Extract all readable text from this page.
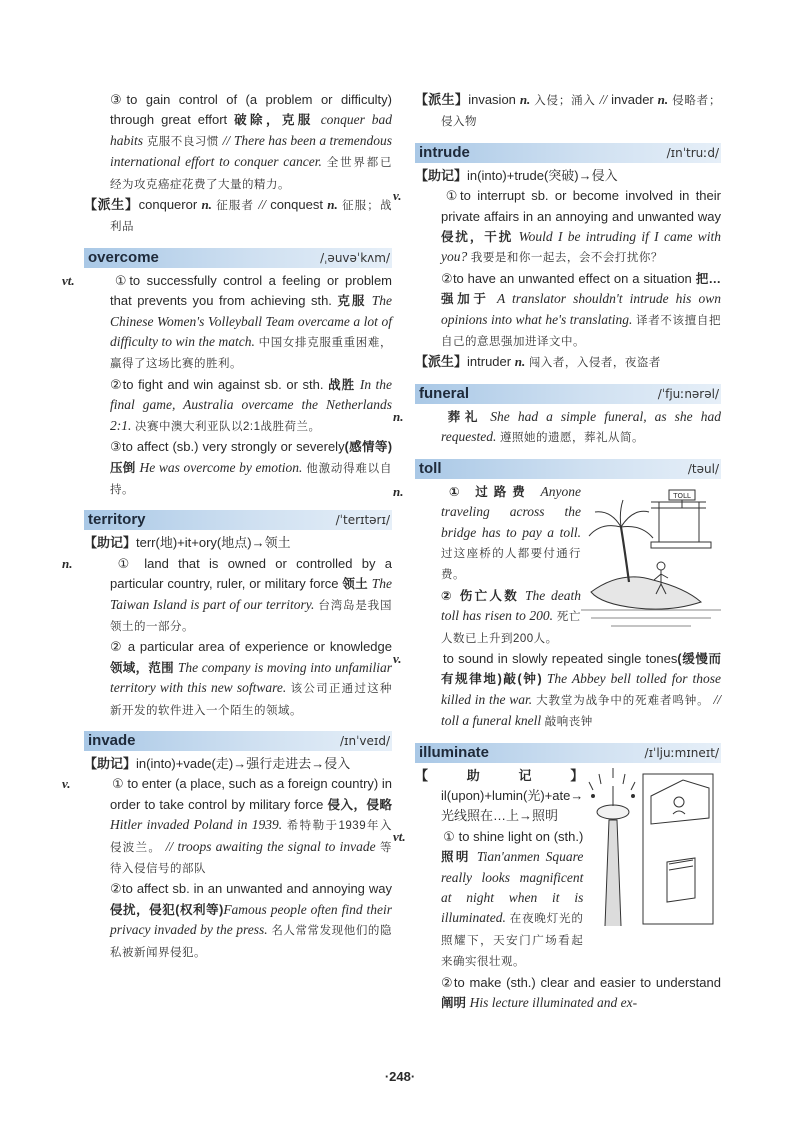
③to gain control of (a problem or difficulty) through great effort 破除，克服 conquer bad habits 克服不良习惯 // There has been a tremendous international effort to conquer cancer. 全世界都已经为攻克癌症花费了大量的精力。

【派生】conqueror n. 征服者 // conquest n. 征服；战利品

overcome	/ˌəuvəˈkʌm/

vt.	①to successfully control a feeling or problem that prevents you from achieving sth. 克服 The Chinese Women's Volleyball Team overcame a lot of difficulty to win the match. 中国女排克服重重困难，赢得了这场比赛的胜利。

②to fight and win against sb. or sth. 战胜 In the final game, Australia overcame the Netherlands 2:1. 决赛中澳大利亚队以2:1战胜荷兰。

③to affect (sb.) very strongly or severely(感情等)压倒 He was overcome by emotion. 他激动得难以自持。

territory	/ˈterɪtərɪ/

【助记】terr(地)+it+ory(地点)→领土

n.	① land that is owned or controlled by a particular country, ruler, or military force 领土 The Taiwan Island is part of our territory. 台湾岛是我国领土的一部分。

② a particular area of experience or knowledge 领域，范围 The company is moving into unfamiliar territory with this new software. 该公司正通过这种新开发的软件进入一个陌生的领域。

invade	/ɪnˈveɪd/

【助记】in(into)+vade(走)→强行走进去→侵入

v.	① to enter (a place, such as a foreign country) in order to take control by military force 侵入，侵略 Hitler invaded Poland in 1939. 希特勒于1939年入侵波兰。 // troops awaiting the signal to invade 等待入侵信号的部队

②to affect sb. in an unwanted and annoying way 侵扰，侵犯(权利等)Famous people often find their privacy invaded by the press. 名人常常发现他们的隐私被新闻界侵犯。

【派生】invasion n. 入侵；涌入 // invader n. 侵略者；侵入物

intrude	/ɪnˈtruːd/

【助记】in(into)+trude(突破)→侵入

v.	①to interrupt sb. or become involved in their private affairs in an annoying and unwanted way 侵扰，干扰 Would I be intruding if I came with you? 我要是和你一起去，会不会打扰你？

②to have an unwanted effect on a situation 把…强加于 A translator shouldn't intrude his own opinions into what he's translating. 译者不该擅自把自己的意思强加进译文中。

【派生】intruder n. 闯入者，入侵者，夜盗者

funeral	/ˈfjuːnərəl/

n.	葬礼 She had a simple funeral, as she had requested. 遵照她的遗愿，葬礼从简。

toll	/təul/

n.	① 过路费 Anyone traveling across the bridge has to pay a toll. 过这座桥的人都要付通行费。

② 伤亡人数 The death toll has risen to 200. 死亡人数已上升到200人。

TOLL

v.	to sound in slowly repeated single tones(缓慢而有规律地)敲(钟) The Abbey bell tolled for those killed in the war. 大教堂为战争中的死难者鸣钟。 // toll a funeral knell 敲响丧钟

illuminate	/ɪˈljuːmɪneɪt/

【助记】il(upon)+lumin(光)+ate→光线照在…上→照明

vt.	① to shine light on (sth.) 照明 Tian'anmen Square really looks magnificent at night when it is illuminated. 在夜晚灯光的照耀下，天安门广场看起来确实很壮观。

②to make (sth.) clear and easier to understand 阐明 His lecture illuminated and ex-

·248·
